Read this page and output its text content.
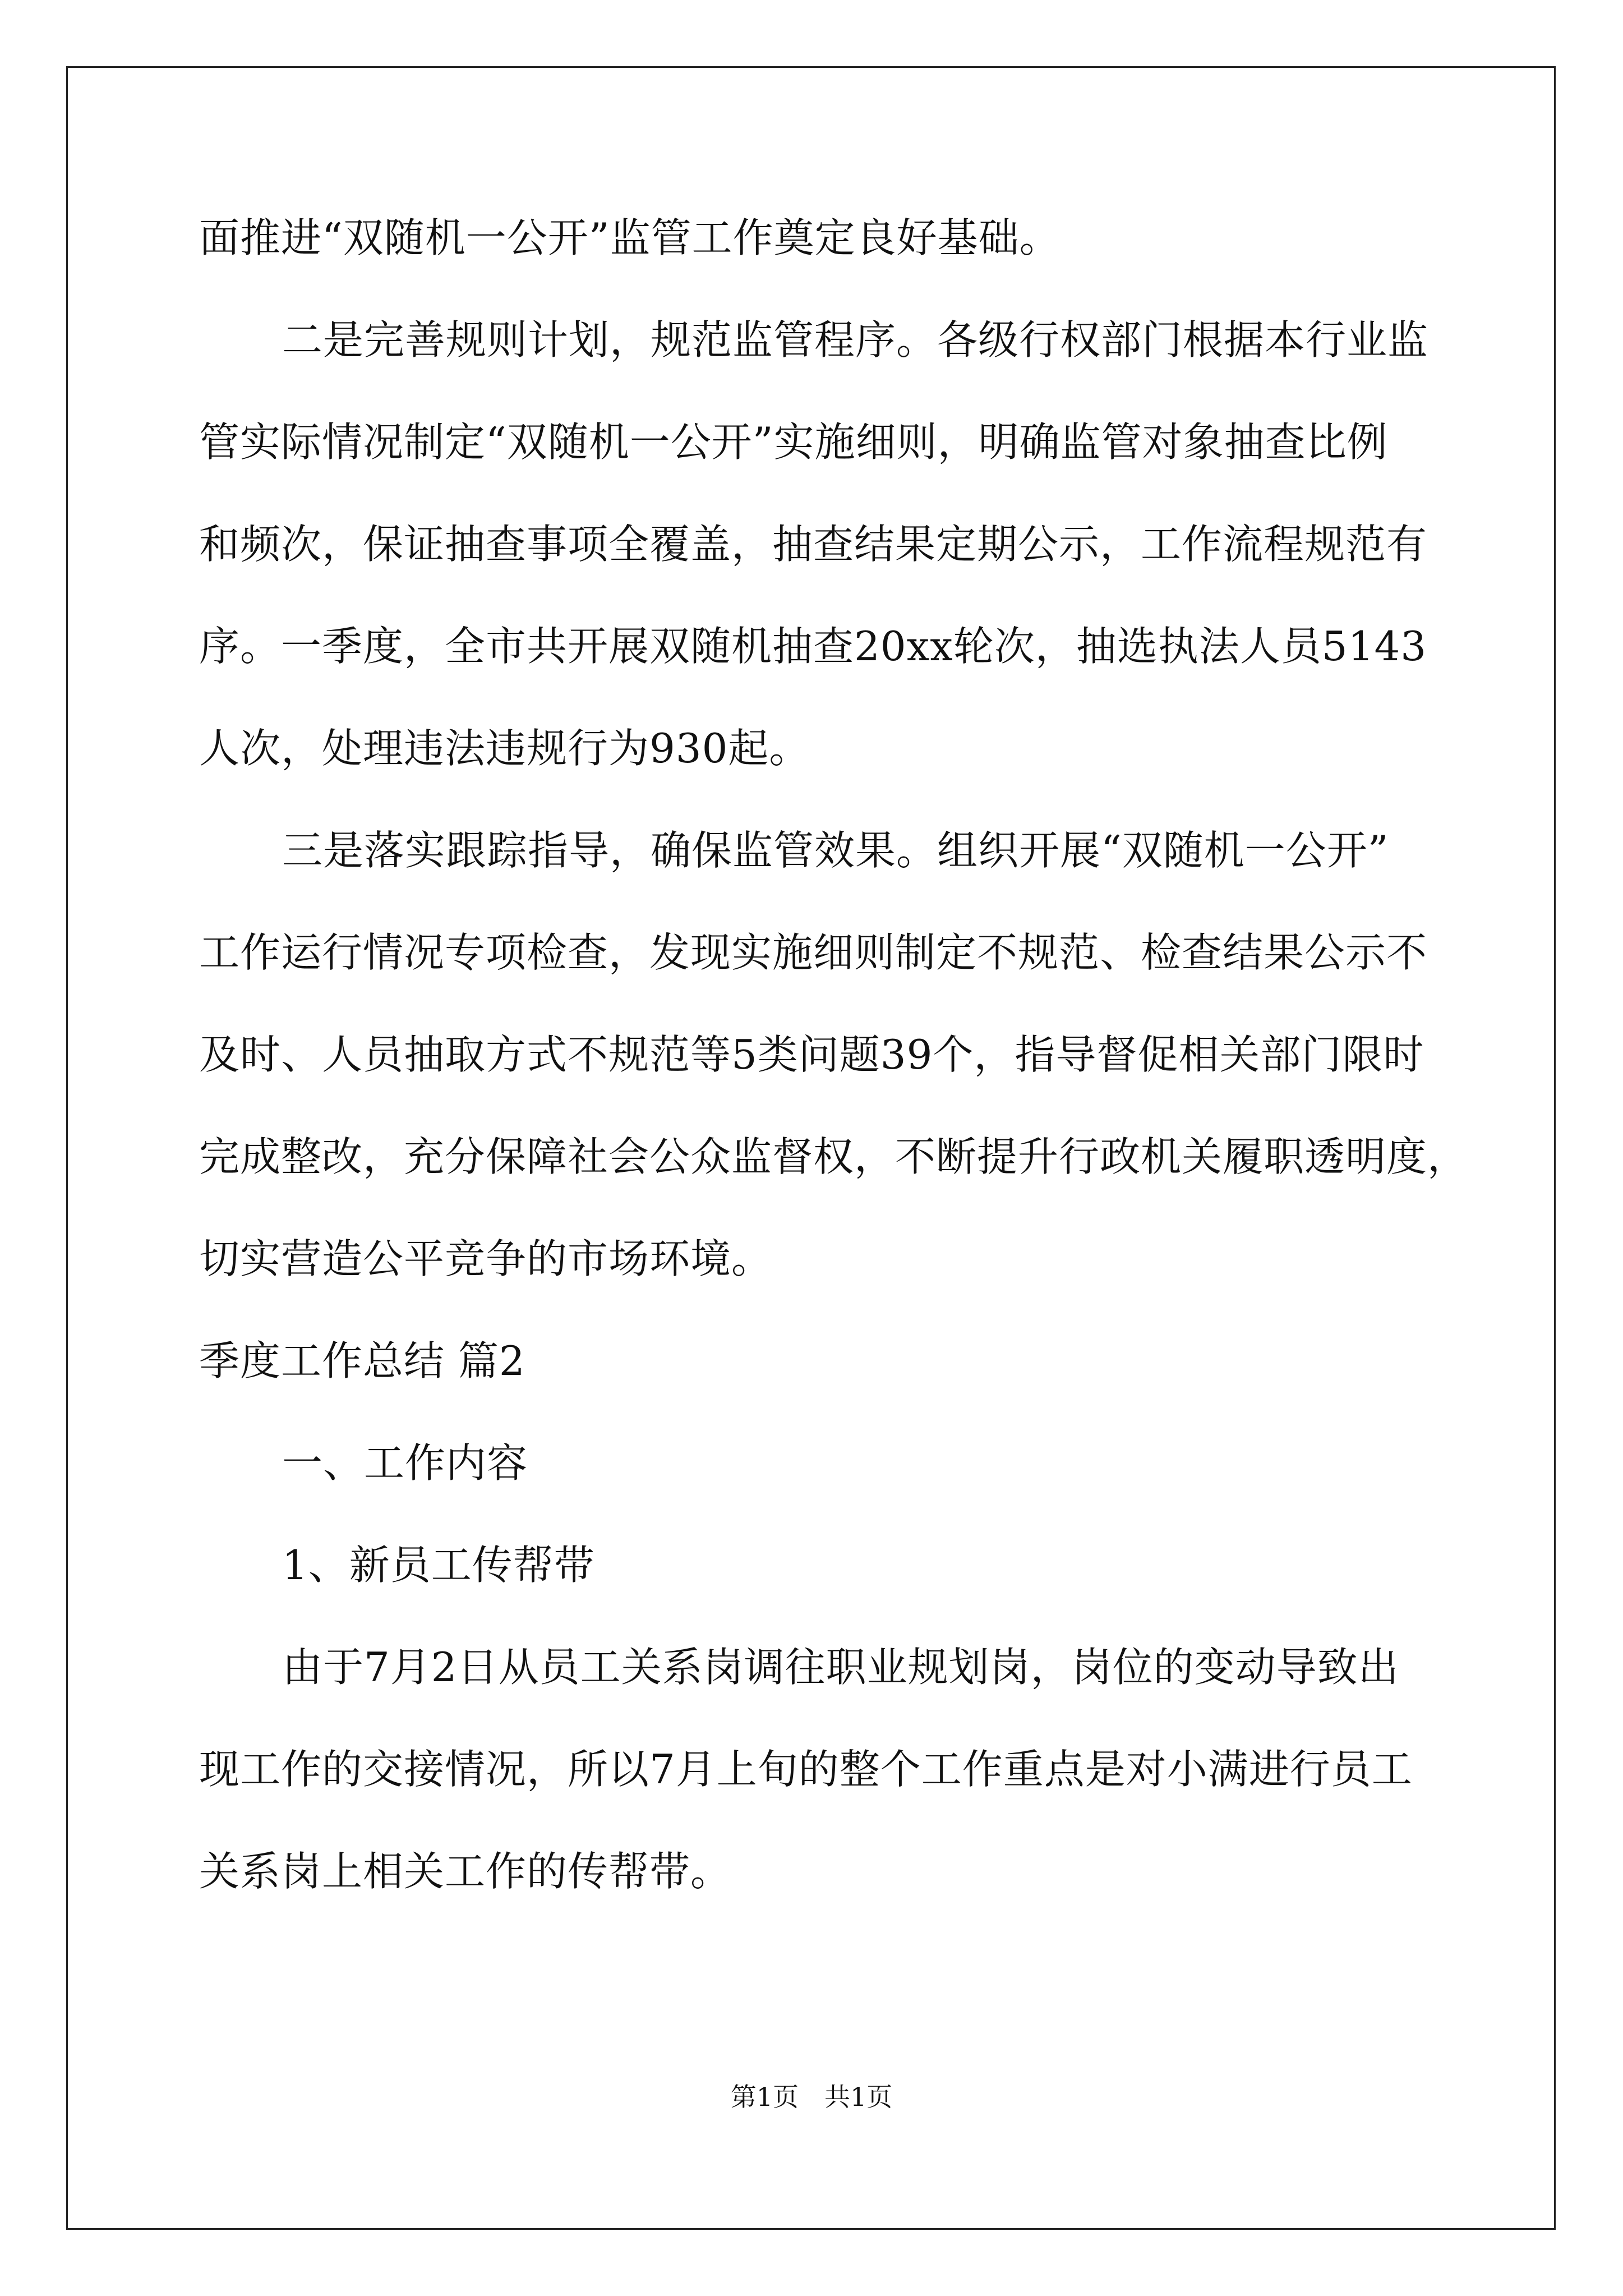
面推进“双随机一公开”监管工作奠定良好基础。
二是完善规则计划，规范监管程序。各级行权部门根据本行业监
管实际情况制定“双随机一公开”实施细则，明确监管对象抽查比例
和频次，保证抽查事项全覆盖，抽查结果定期公示，工作流程规范有
序。一季度，全市共开展双随机抽查20xx轮次，抽选执法人员5143
人次，处理违法违规行为930起。
三是落实跟踪指导，确保监管效果。组织开展“双随机一公开”
工作运行情况专项检查，发现实施细则制定不规范、检查结果公示不
及时、人员抽取方式不规范等5类问题39个，指导督促相关部门限时
完成整改，充分保障社会公众监督权，不断提升行政机关履职透明度，
切实营造公平竞争的市场环境。
季度工作总结 篇2
一、工作内容
1、新员工传帮带
由于7月2日从员工关系岗调往职业规划岗，岗位的变动导致出
现工作的交接情况，所以7月上旬的整个工作重点是对小满进行员工
关系岗上相关工作的传帮带。
第1页　共1页
